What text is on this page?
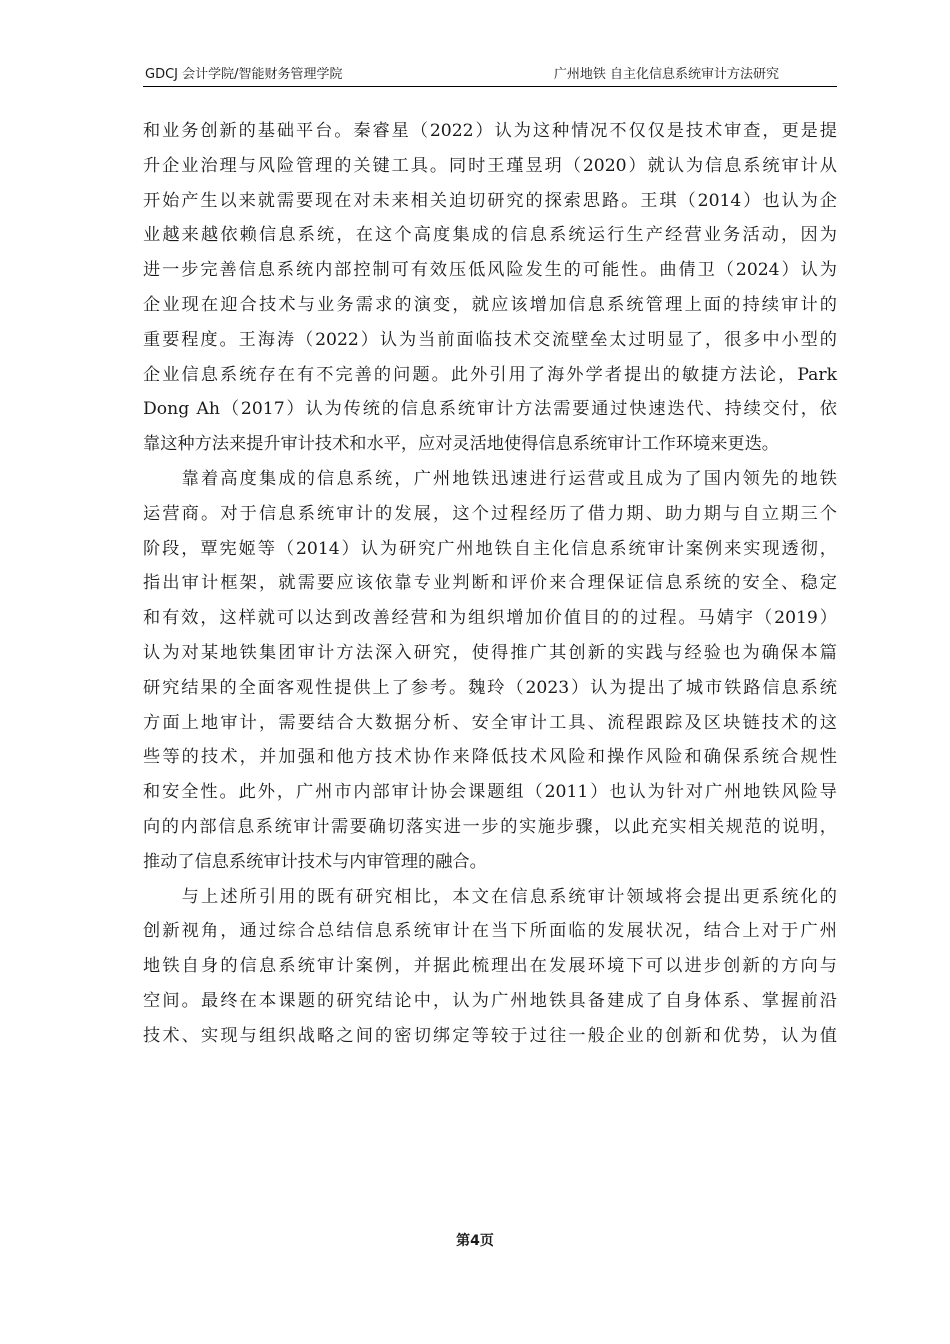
GDCJ 会计学院/智能财务管理学院	广州地铁 自主化信息系统审计方法研究

和业务创新的基础平台。秦睿星（2022）认为这种情况不仅仅是技术审查，更是提
升企业治理与风险管理的关键工具。同时王瑾昱玥（2020）就认为信息系统审计从
开始产生以来就需要现在对未来相关迫切研究的探索思路。王琪（2014）也认为企
业越来越依赖信息系统，在这个高度集成的信息系统运行生产经营业务活动，因为
进一步完善信息系统内部控制可有效压低风险发生的可能性。曲倩卫（2024）认为
企业现在迎合技术与业务需求的演变，就应该增加信息系统管理上面的持续审计的
重要程度。王海涛（2022）认为当前面临技术交流壁垒太过明显了，很多中小型的
企业信息系统存在有不完善的问题。此外引用了海外学者提出的敏捷方法论，Park
Dong Ah（2017）认为传统的信息系统审计方法需要通过快速迭代、持续交付，依
靠这种方法来提升审计技术和水平，应对灵活地使得信息系统审计工作环境来更迭。

　　靠着高度集成的信息系统，广州地铁迅速进行运营或且成为了国内领先的地铁
运营商。对于信息系统审计的发展，这个过程经历了借力期、助力期与自立期三个
阶段，覃宪姬等（2014）认为研究广州地铁自主化信息系统审计案例来实现透彻，
指出审计框架，就需要应该依靠专业判断和评价来合理保证信息系统的安全、稳定
和有效，这样就可以达到改善经营和为组织增加价值目的的过程。马婧宇（2019）
认为对某地铁集团审计方法深入研究，使得推广其创新的实践与经验也为确保本篇
研究结果的全面客观性提供上了参考。魏玲（2023）认为提出了城市铁路信息系统
方面上地审计，需要结合大数据分析、安全审计工具、流程跟踪及区块链技术的这
些等的技术，并加强和他方技术协作来降低技术风险和操作风险和确保系统合规性
和安全性。此外，广州市内部审计协会课题组（2011）也认为针对广州地铁风险导
向的内部信息系统审计需要确切落实进一步的实施步骤，以此充实相关规范的说明，
推动了信息系统审计技术与内审管理的融合。

　　与上述所引用的既有研究相比，本文在信息系统审计领域将会提出更系统化的
创新视角，通过综合总结信息系统审计在当下所面临的发展状况，结合上对于广州
地铁自身的信息系统审计案例，并据此梳理出在发展环境下可以进步创新的方向与
空间。最终在本课题的研究结论中，认为广州地铁具备建成了自身体系、掌握前沿
技术、实现与组织战略之间的密切绑定等较于过往一般企业的创新和优势，认为值

第4页
